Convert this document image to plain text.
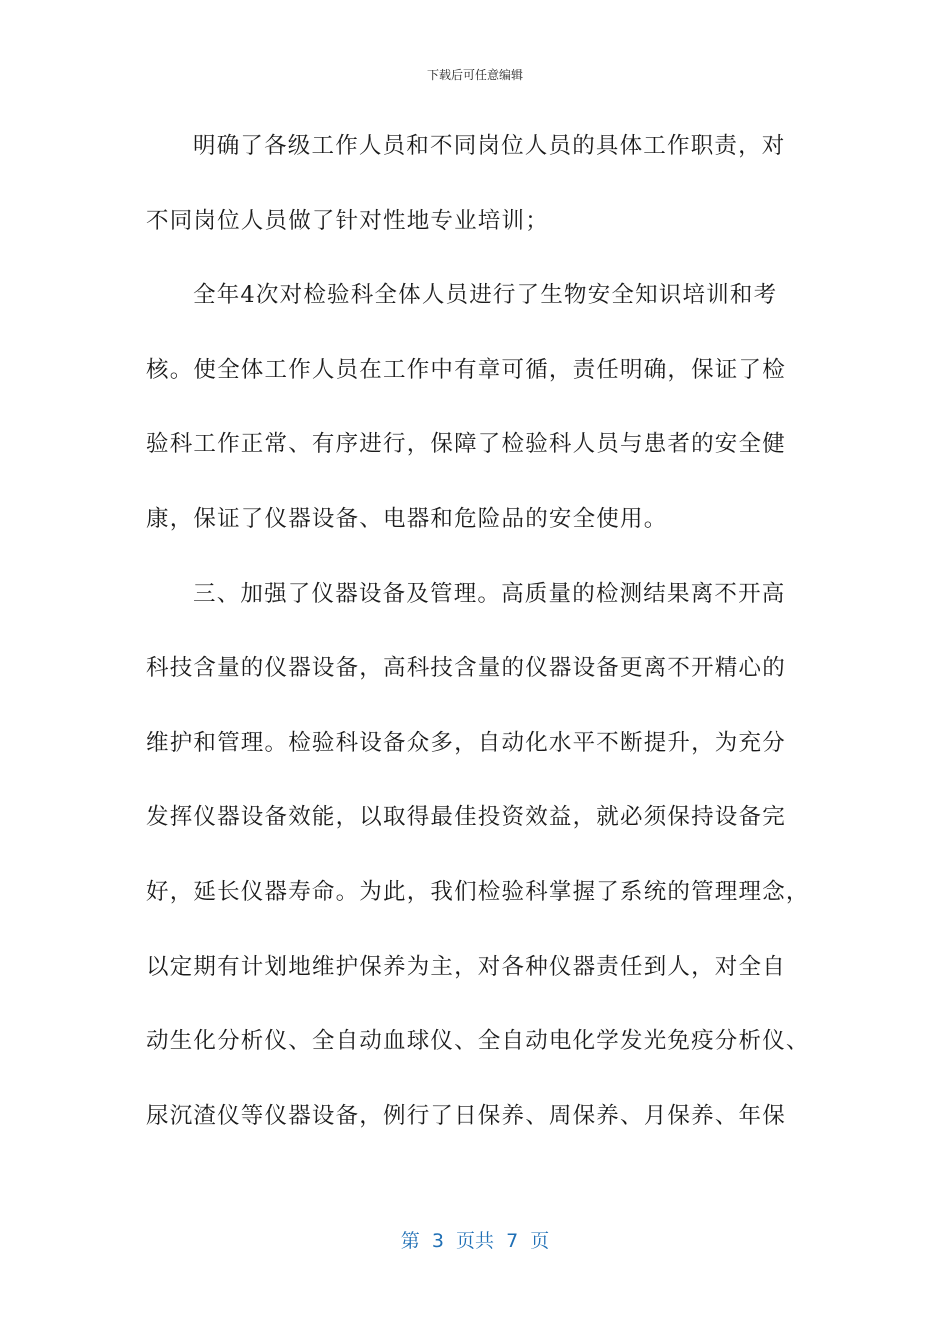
下载后可任意编辑
明确了各级工作人员和不同岗位人员的具体工作职责，对
不同岗位人员做了针对性地专业培训；
全年4次对检验科全体人员进行了生物安全知识培训和考
核。使全体工作人员在工作中有章可循，责任明确，保证了检
验科工作正常、有序进行，保障了检验科人员与患者的安全健
康，保证了仪器设备、电器和危险品的安全使用。
三、加强了仪器设备及管理。高质量的检测结果离不开高
科技含量的仪器设备，高科技含量的仪器设备更离不开精心的
维护和管理。检验科设备众多，自动化水平不断提升，为充分
发挥仪器设备效能，以取得最佳投资效益，就必须保持设备完
好，延长仪器寿命。为此，我们检验科掌握了系统的管理理念，
以定期有计划地维护保养为主，对各种仪器责任到人，对全自
动生化分析仪、全自动血球仪、全自动电化学发光免疫分析仪、
尿沉渣仪等仪器设备，例行了日保养、周保养、月保养、年保
第  3  页共  7  页
